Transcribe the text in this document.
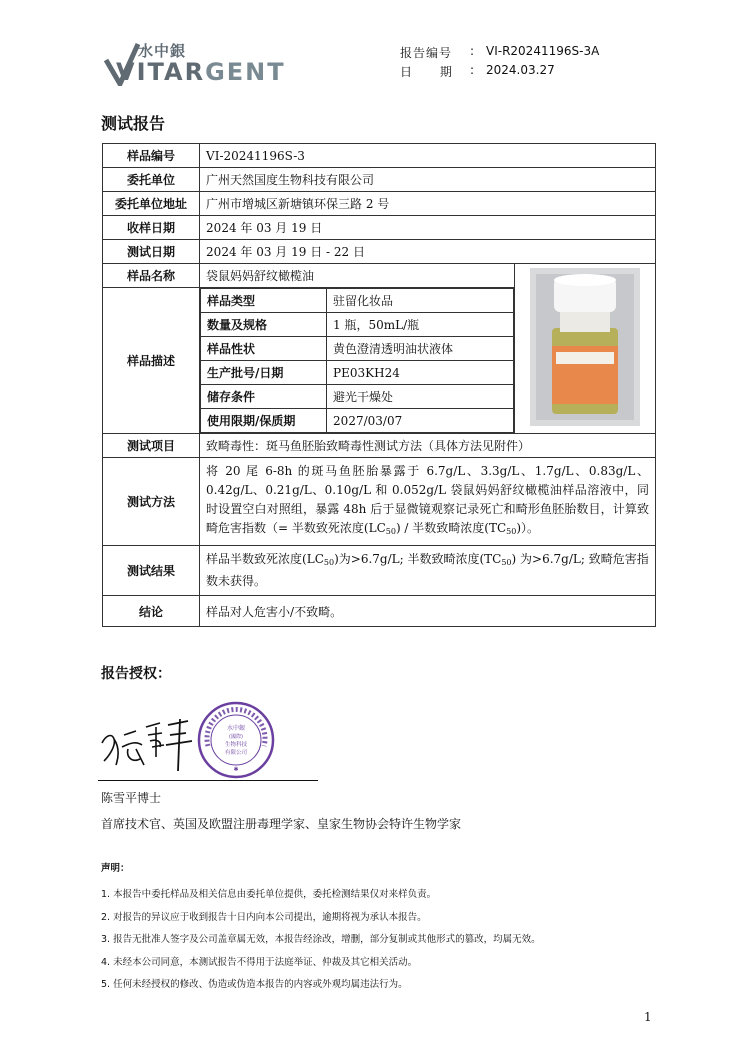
水中銀
VITARGENT
报告编号	: VI-R20241196S-3A
日 期 : 2024.03.27
测试报告
样品编号	VI-20241196S-3
委托单位	广州天然国度生物科技有限公司
委托单位地址	广州市增城区新塘镇环保三路 2 号
收样日期	2024 年 03 月 19 日
测试日期	2024 年 03 月 19 日 - 22 日
样品名称	袋鼠妈妈舒纹橄榄油	
样品描述	
样品类型	驻留化妆品
数量及规格	1 瓶，50mL/瓶
样品性状	黄色澄清透明油状液体
生产批号/日期	PE03KH24
储存条件	避光干燥处
使用限期/保质期	2027/03/07

测试项目	致畸毒性：斑马鱼胚胎致畸毒性测试方法（具体方法见附件）
测试方法	将 20 尾 6-8h 的斑马鱼胚胎暴露于 6.7g/L、3.3g/L、1.7g/L、0.83g/L、0.42g/L、0.21g/L、0.10g/L 和 0.052g/L 袋鼠妈妈舒纹橄榄油样品溶液中，同时设置空白对照组，暴露 48h 后于显微镜观察记录死亡和畸形鱼胚胎数目，计算致畸危害指数（= 半数致死浓度$(LC_{50})$ / 半数致畸浓度$(TC_{50})$）。
测试结果	样品半数致死浓度$(LC_{50})$为>6.7g/L; 半数致畸浓度$(TC_{50})$ 为>6.7g/L; 致畸危害指数未获得。
结论	样品对人危害小/不致畸。
报告授权：
水中銀
(國際)
生物科技
有限公司
✱
陈雪平博士
首席技术官、英国及欧盟注册毒理学家、皇家生物协会特许生物学家
声明：
1. 本报告中委托样品及相关信息由委托单位提供，委托检测结果仅对来样负责。
2. 对报告的异议应于收到报告十日内向本公司提出，逾期将视为承认本报告。
3. 报告无批准人签字及公司盖章属无效，本报告经涂改，增删，部分复制或其他形式的篡改，均属无效。
4. 未经本公司同意，本测试报告不得用于法庭举证、仲裁及其它相关活动。
5. 任何未经授权的修改、伪造或伪造本报告的内容或外观均属违法行为。
1
